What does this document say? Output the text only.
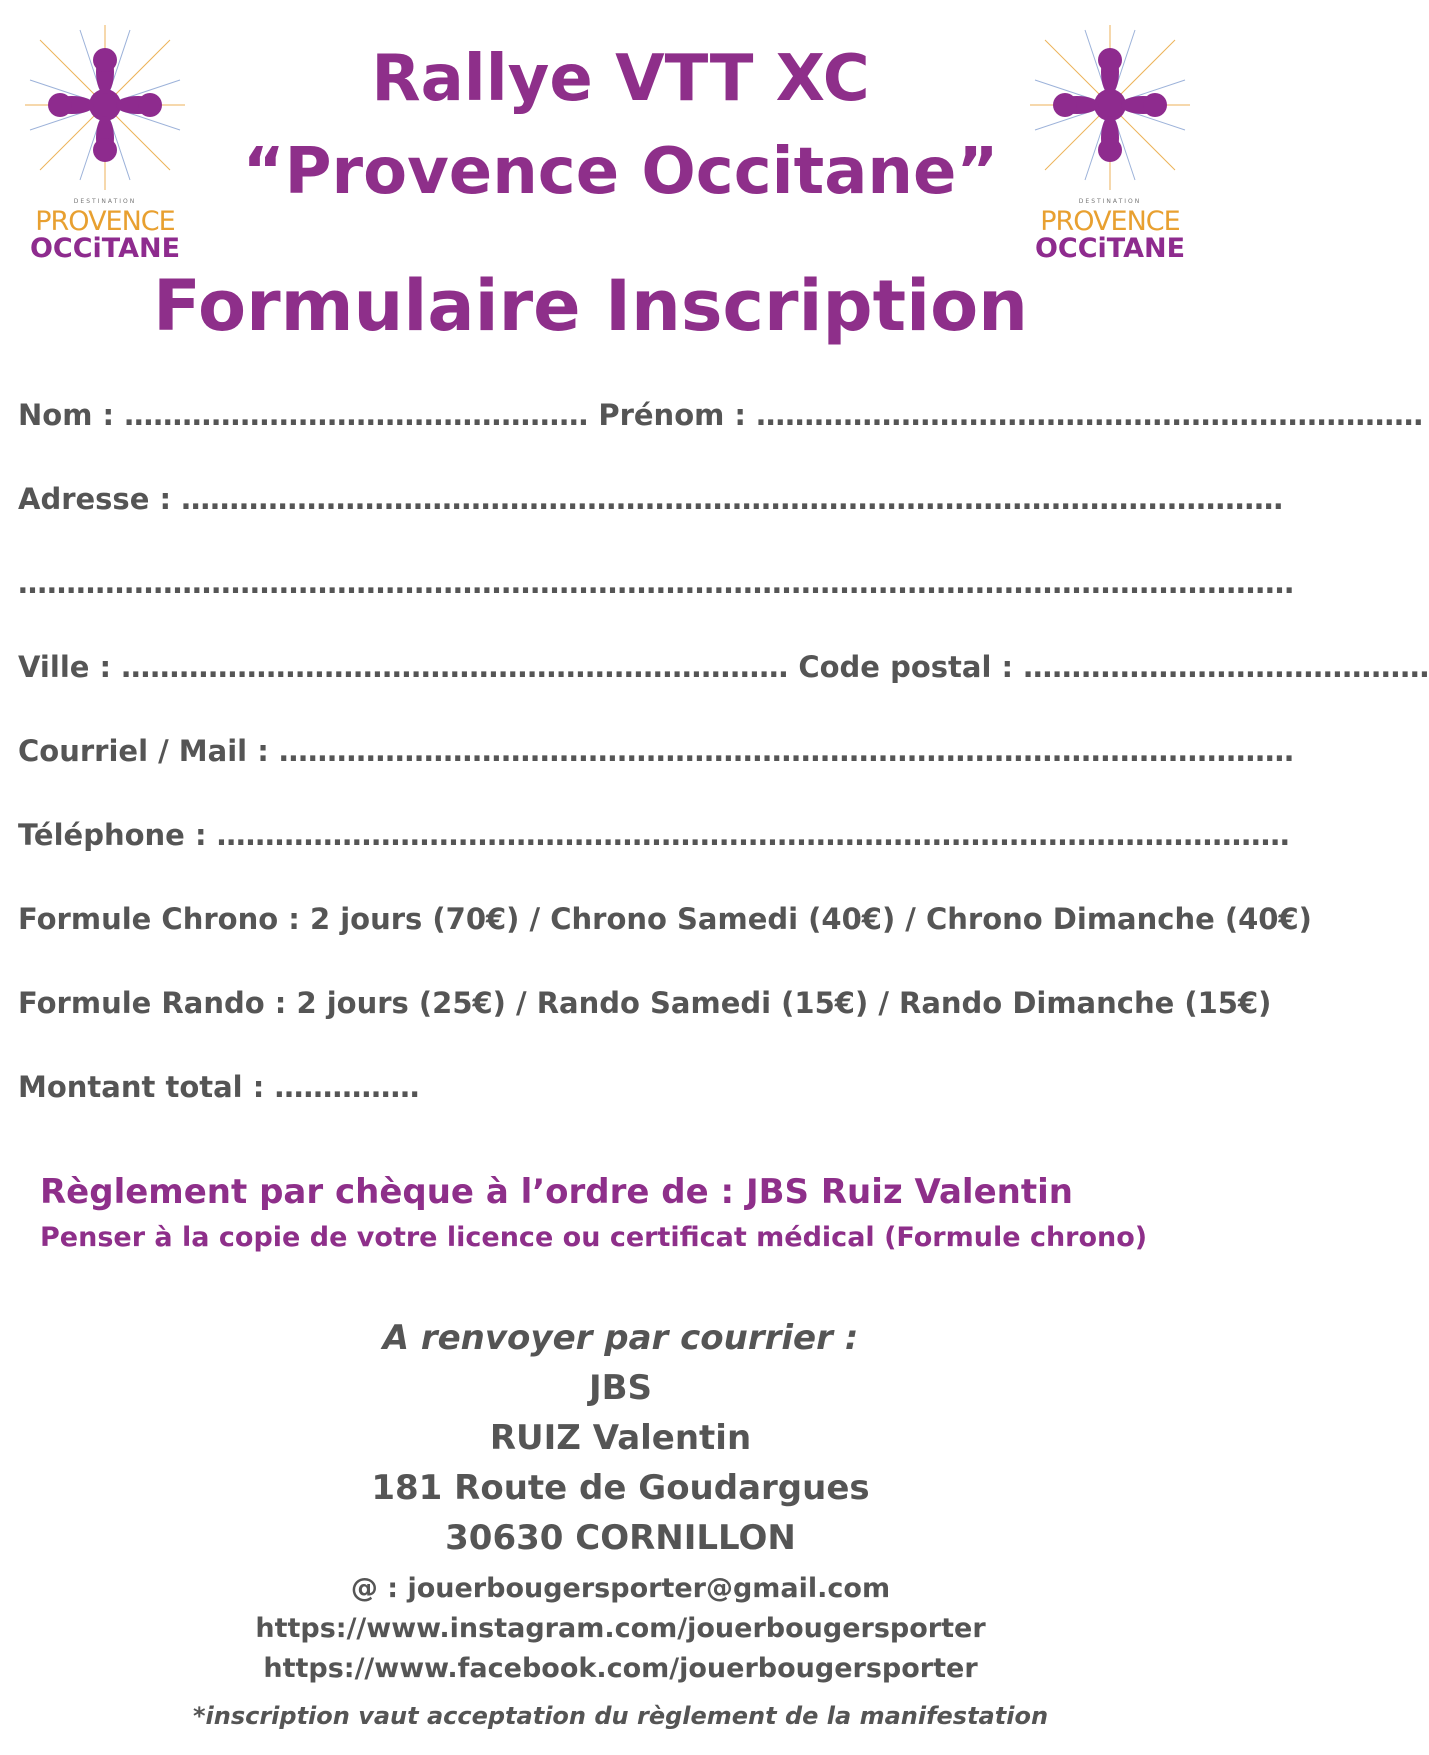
DESTINATION
PROVENCE
OCCiTANE
DESTINATION
PROVENCE
OCCiTANE
Rallye VTT XC
“Provence Occitane”
Formulaire Inscription
Nom : ………………………………………… Prénom : ……………………………………………………………
Adresse : ……………………………………………………………………………………………………
……………………………………………………………………………………………………………………
Ville : …………………………………………………………… Code postal : ……………………………………
Courriel / Mail : ……………………………………………………………………………………………
Téléphone : …………………………………………………………………………………………………
Formule Chrono : 2 jours (70€) / Chrono Samedi (40€) / Chrono Dimanche (40€)
Formule Rando : 2 jours (25€) / Rando Samedi (15€) / Rando Dimanche (15€)
Montant total : ……………
Règlement par chèque à l’ordre de : JBS Ruiz Valentin
Penser à la copie de votre licence ou certificat médical (Formule chrono)
A renvoyer par courrier :
JBS
RUIZ Valentin
181 Route de Goudargues
30630 CORNILLON
@ : jouerbougersporter@gmail.com
https://www.instagram.com/jouerbougersporter
https://www.facebook.com/jouerbougersporter
*inscription vaut acceptation du règlement de la manifestation
